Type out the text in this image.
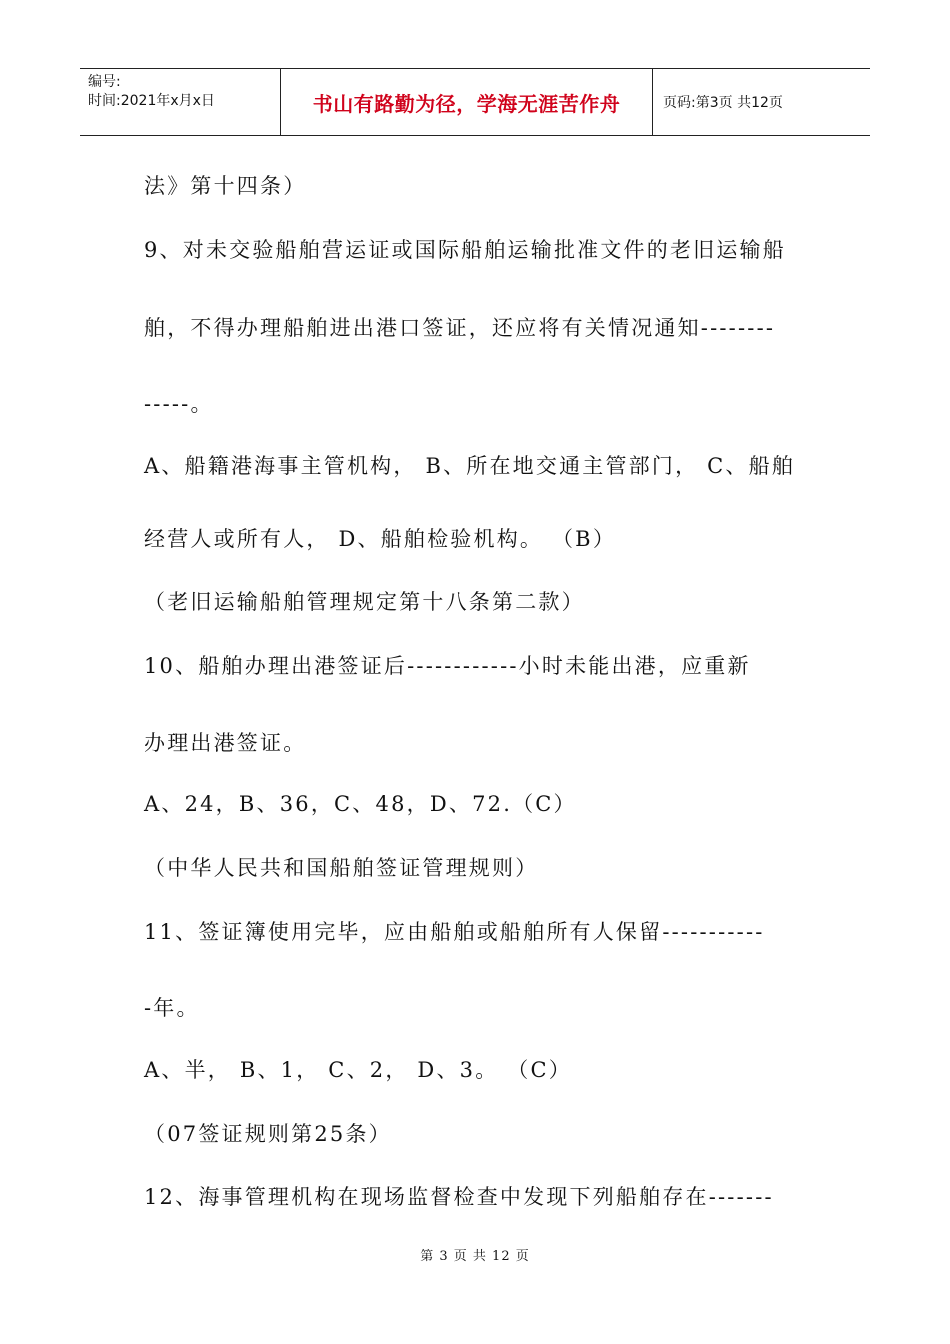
编号:
时间:2021年x月x日	书山有路勤为径，学海无涯苦作舟	页码:第3页 共12页
法》第十四条）
9、对未交验船舶营运证或国际船舶运输批准文件的老旧运输船
舶，不得办理船舶进出港口签证，还应将有关情况通知--------
-----。
A、船籍港海事主管机构， B、所在地交通主管部门， C、船舶
经营人或所有人， D、船舶检验机构。 （B）
（老旧运输船舶管理规定第十八条第二款）
10、船舶办理出港签证后------------小时未能出港，应重新
办理出港签证。
A、24，B、36，C、48，D、72.（C）
（中华人民共和国船舶签证管理规则）
11、签证簿使用完毕，应由船舶或船舶所有人保留-----------
-年。
A、半， B、1， C、2， D、3。 （C）
（07签证规则第25条）
12、海事管理机构在现场监督检查中发现下列船舶存在-------
第 3 页 共 12 页
